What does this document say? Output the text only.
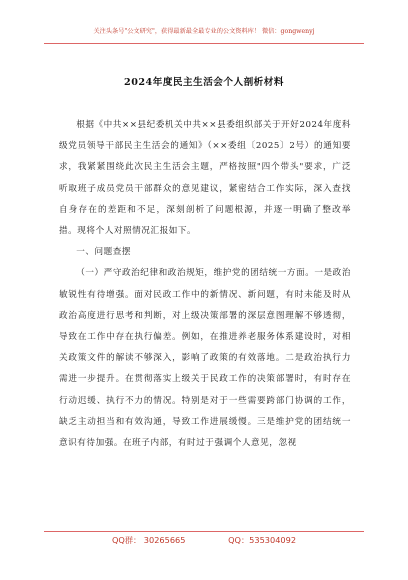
关注头条号"公文研究"，获得最新最全最专业的公文资料库！ 微信：gongwenyj
2024年度民主生活会个人剖析材料

根据《中共××县纪委机关中共××县委组织部关于开好2024年度科级党员领导干部民主生活会的通知》（××委组〔2025〕2号）的通知要求，我紧紧围绕此次民主生活会主题，严格按照"四个带头"要求，广泛听取班子成员党员干部群众的意见建议，紧密结合工作实际，深入查找自身存在的差距和不足，深刻剖析了问题根源，并逐一明确了整改举措。现将个人对照情况汇报如下。

一、问题查摆

（一）严守政治纪律和政治规矩，维护党的团结统一方面。一是政治敏锐性有待增强。面对民政工作中的新情况、新问题，有时未能及时从政治高度进行思考和判断，对上级决策部署的深层意图理解不够透彻，导致在工作中存在执行偏差。例如，在推进养老服务体系建设时，对相关政策文件的解读不够深入，影响了政策的有效落地。二是政治执行力需进一步提升。在贯彻落实上级关于民政工作的决策部署时，有时存在行动迟缓、执行不力的情况。特别是对于一些需要跨部门协调的工作，缺乏主动担当和有效沟通，导致工作进展缓慢。三是维护党的团结统一意识有待加强。在班子内部，有时过于强调个人意见，忽视

QQ群： 30265665	QQ：535304092
